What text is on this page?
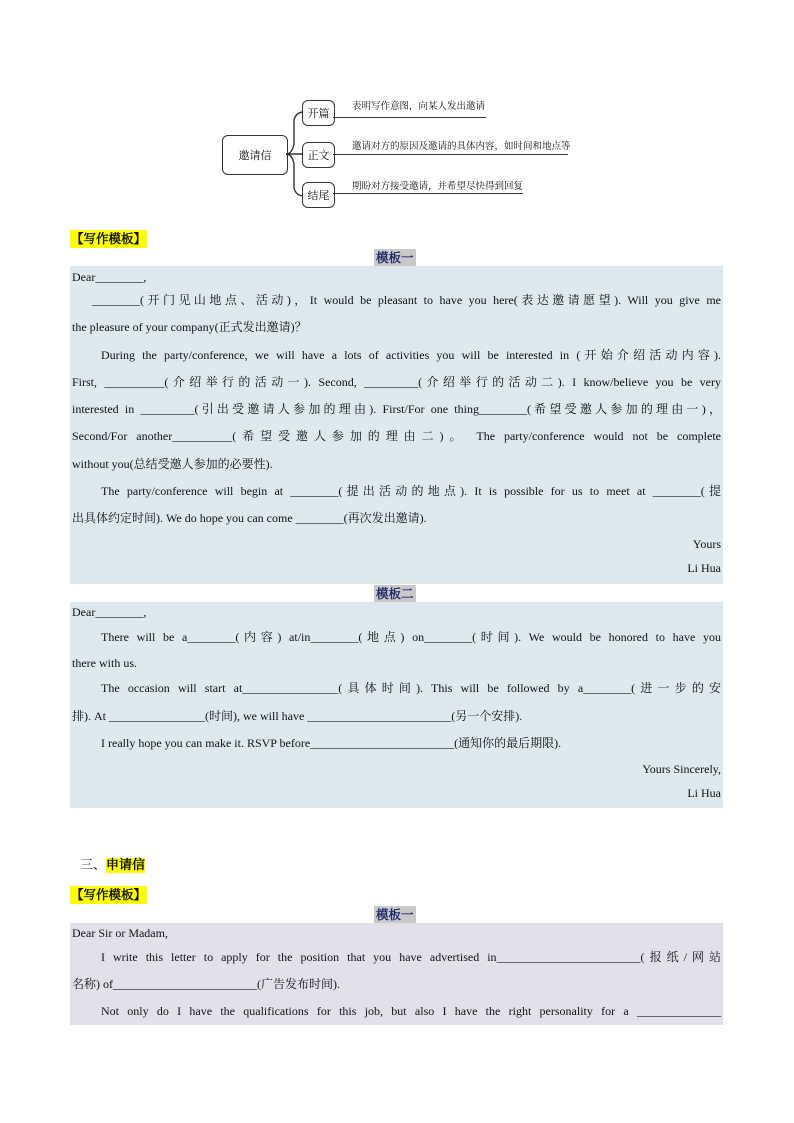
邀请信
开篇
表明写作意图，向某人发出邀请
正文
邀请对方的原因及邀请的具体内容，如时间和地点等
结尾
期盼对方接受邀请，并希望尽快得到回复
【写作模板】
模板一
Dear________,
________(开门见山地点、活动)，It would be pleasant to have you here(表达邀请愿望). Will you give me
the pleasure of your company(正式发出邀请)？
During the party/conference, we will have a lots of activities you will be interested in (开始介绍活动内容).
First, __________(介绍举行的活动一). Second, _________(介绍举行的活动二). I know/believe you be very
interested in _________(引出受邀请人参加的理由). First/For one thing________(希望受邀人参加的理由一)，
Second/For another__________(希望受邀人参加的理由二)。 The party/conference would not be complete
without you(总结受邀人参加的必要性).
The party/conference will begin at ________(提出活动的地点). It is possible for us to meet at ________(提
出具体约定时间). We do hope you can come ________(再次发出邀请).
Yours
Li Hua
模板二
Dear________,
There will be a________(内容) at/in________(地点) on________(时间). We would be honored to have you
there with us.
The occasion will start at________________(具体时间). This will be followed by a________(进一步的安
排). At ________________(时间), we will have ________________________(另一个安排).
I really hope you can make it. RSVP before________________________(通知你的最后期限).
Yours Sincerely,
Li Hua
三、申请信
【写作模板】
模板一
Dear Sir or Madam,
I write this letter to apply for the position that you have advertised in________________________(报纸/网站
名称) of________________________(广告发布时间).
Not only do I have the qualifications for this job, but also I have the right personality for a ______________
